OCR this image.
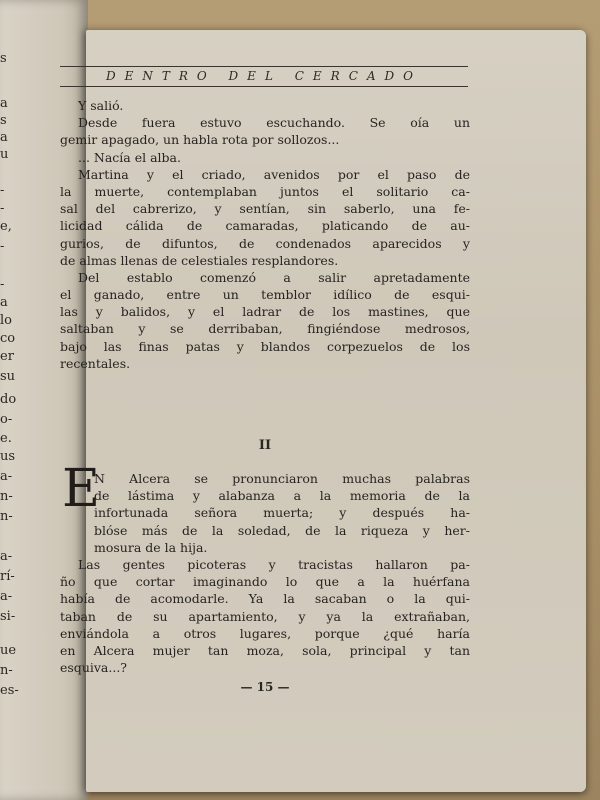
s
a
s
a
u
-
-
e,
-
-
a
lo
co
er
su
do
o-
e.
us
a-
n-
n-
a-
rí-
a-
si-
ue
n-
es-
DENTRO DEL CERCADO
Y salió.
Desde fuera estuvo escuchando. Se oía un
gemir apagado, un habla rota por sollozos...
... Nacía el alba.
Martina y el criado, avenidos por el paso de
la muerte, contemplaban juntos el solitario ca-
sal del cabrerizo, y sentían, sin saberlo, una fe-
licidad cálida de camaradas, platicando de au-
gurios, de difuntos, de condenados aparecidos y
de almas llenas de celestiales resplandores.
Del establo comenzó a salir apretadamente
el ganado, entre un temblor idílico de esqui-
las y balidos, y el ladrar de los mastines, que
saltaban y se derribaban, fingiéndose medrosos,
bajo las finas patas y blandos corpezuelos de los
recentales.
II
E
N Alcera se pronunciaron muchas palabras
de lástima y alabanza a la memoria de la
infortunada señora muerta; y después ha-
blóse más de la soledad, de la riqueza y her-
mosura de la hija.
Las gentes picoteras y tracistas hallaron pa-
ño que cortar imaginando lo que a la huérfana
había de acomodarle. Ya la sacaban o la qui-
taban de su apartamiento, y ya la extrañaban,
enviándola a otros lugares, porque ¿qué haría
en Alcera mujer tan moza, sola, principal y tan
esquiva...?
— 15 —
